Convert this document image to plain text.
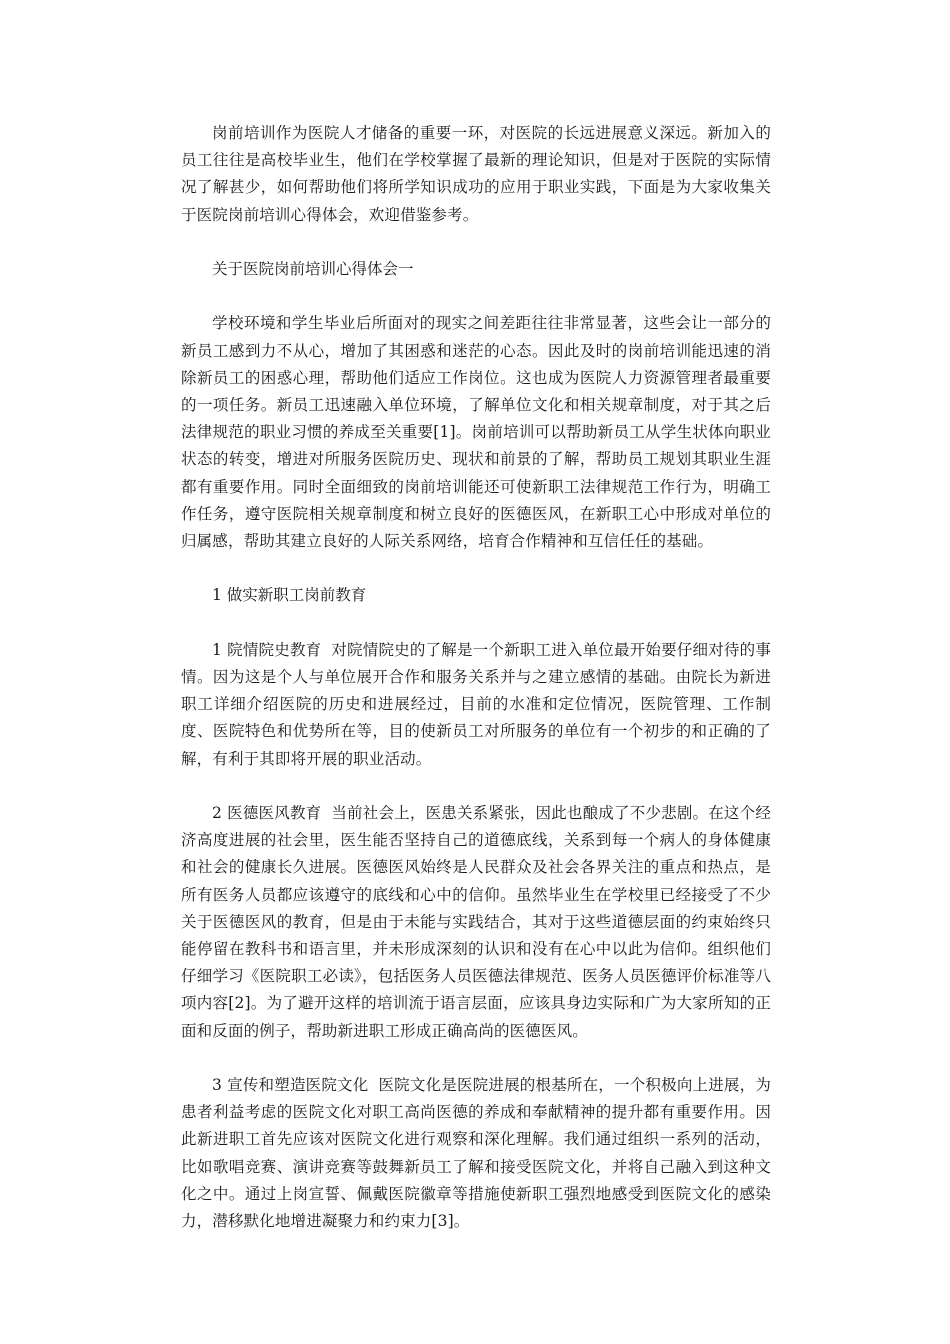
岗前培训作为医院人才储备的重要一环，对医院的长远进展意义深远。新加入的员工往往是高校毕业生，他们在学校掌握了最新的理论知识，但是对于医院的实际情况了解甚少，如何帮助他们将所学知识成功的应用于职业实践，下面是为大家收集关于医院岗前培训心得体会，欢迎借鉴参考。

关于医院岗前培训心得体会一

学校环境和学生毕业后所面对的现实之间差距往往非常显著，这些会让一部分的新员工感到力不从心，增加了其困惑和迷茫的心态。因此及时的岗前培训能迅速的消除新员工的困惑心理，帮助他们适应工作岗位。这也成为医院人力资源管理者最重要的一项任务。新员工迅速融入单位环境，了解单位文化和相关规章制度，对于其之后法律规范的职业习惯的养成至关重要[1]。岗前培训可以帮助新员工从学生状体向职业状态的转变，增进对所服务医院历史、现状和前景的了解，帮助员工规划其职业生涯都有重要作用。同时全面细致的岗前培训能还可使新职工法律规范工作行为，明确工作任务，遵守医院相关规章制度和树立良好的医德医风，在新职工心中形成对单位的归属感，帮助其建立良好的人际关系网络，培育合作精神和互信任任的基础。

1 做实新职工岗前教育

1 院情院史教育 对院情院史的了解是一个新职工进入单位最开始要仔细对待的事情。因为这是个人与单位展开合作和服务关系并与之建立感情的基础。由院长为新进职工详细介绍医院的历史和进展经过，目前的水准和定位情况，医院管理、工作制度、医院特色和优势所在等，目的使新员工对所服务的单位有一个初步的和正确的了解，有利于其即将开展的职业活动。

2 医德医风教育 当前社会上，医患关系紧张，因此也酿成了不少悲剧。在这个经济高度进展的社会里，医生能否坚持自己的道德底线，关系到每一个病人的身体健康和社会的健康长久进展。医德医风始终是人民群众及社会各界关注的重点和热点，是所有医务人员都应该遵守的底线和心中的信仰。虽然毕业生在学校里已经接受了不少关于医德医风的教育，但是由于未能与实践结合，其对于这些道德层面的约束始终只能停留在教科书和语言里，并未形成深刻的认识和没有在心中以此为信仰。组织他们仔细学习《医院职工必读》，包括医务人员医德法律规范、医务人员医德评价标准等八项内容[2]。为了避开这样的培训流于语言层面，应该具身边实际和广为大家所知的正面和反面的例子，帮助新进职工形成正确高尚的医德医风。

3 宣传和塑造医院文化 医院文化是医院进展的根基所在，一个积极向上进展，为患者利益考虑的医院文化对职工高尚医德的养成和奉献精神的提升都有重要作用。因此新进职工首先应该对医院文化进行观察和深化理解。我们通过组织一系列的活动，比如歌唱竞赛、演讲竞赛等鼓舞新员工了解和接受医院文化，并将自己融入到这种文化之中。通过上岗宣誓、佩戴医院徽章等措施使新职工强烈地感受到医院文化的感染力，潜移默化地增进凝聚力和约束力[3]。
